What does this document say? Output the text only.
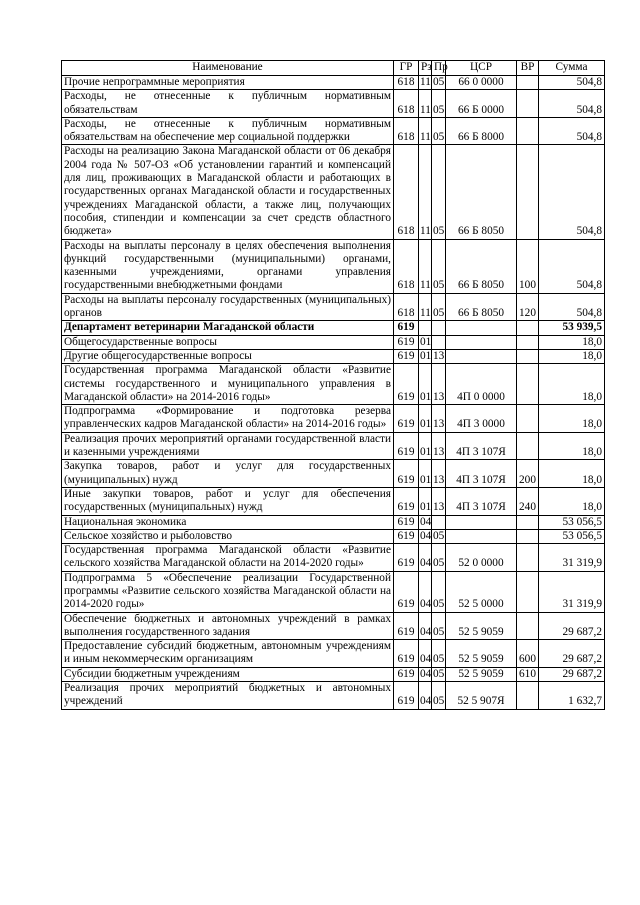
Наименование	ГР	Рз	Пр	ЦСР	ВР	Сумма
Прочие непрограммные мероприятия	618	11	05	66 0 0000		504,8
Расходы, не отнесенные к публичным нормативным обязательствам	618	11	05	66 Б 0000		504,8
Расходы, не отнесенные к публичным нормативным обязательствам на обеспечение мер социальной поддержки	618	11	05	66 Б 8000		504,8
Расходы на реализацию Закона Магаданской области от 06 декабря 2004 года № 507-ОЗ «Об установлении гарантий и компенсаций для лиц, проживающих в Магаданской области и работающих в государственных органах Магаданской области и государственных учреждениях Магаданской области, а также лиц, получающих пособия, стипендии и компенсации за счет средств областного бюджета»	618	11	05	66 Б 8050		504,8
Расходы на выплаты персоналу в целях обеспечения выполнения функций государственными (муниципальными) органами, казенными учреждениями, органами управления государственными внебюджетными фондами	618	11	05	66 Б 8050	100	504,8
Расходы на выплаты персоналу государственных (муниципальных) органов	618	11	05	66 Б 8050	120	504,8
Департамент ветеринарии Магаданской области	619					53 939,5
Общегосударственные вопросы	619	01				18,0
Другие общегосударственные вопросы	619	01	13			18,0
Государственная программа Магаданской области «Развитие системы государственного и муниципального управления в Магаданской области» на 2014-2016 годы»	619	01	13	4П 0 0000		18,0
Подпрограмма «Формирование и подготовка резерва управленческих кадров Магаданской области» на 2014-2016 годы»	619	01	13	4П 3 0000		18,0
Реализация прочих мероприятий органами государственной власти и казенными учреждениями	619	01	13	4П 3 107Я		18,0
Закупка товаров, работ и услуг для государственных (муниципальных) нужд	619	01	13	4П 3 107Я	200	18,0
Иные закупки товаров, работ и услуг для обеспечения государственных (муниципальных) нужд	619	01	13	4П 3 107Я	240	18,0
Национальная экономика	619	04				53 056,5
Сельское хозяйство и рыболовство	619	04	05			53 056,5
Государственная программа Магаданской области «Развитие сельского хозяйства Магаданской области на 2014-2020 годы»	619	04	05	52 0 0000		31 319,9
Подпрограмма 5 «Обеспечение реализации Государственной программы «Развитие сельского хозяйства Магаданской области на 2014-2020 годы»	619	04	05	52 5 0000		31 319,9
Обеспечение бюджетных и автономных учреждений в рамках выполнения государственного задания	619	04	05	52 5 9059		29 687,2
Предоставление субсидий бюджетным, автономным учреждениям и иным некоммерческим организациям	619	04	05	52 5 9059	600	29 687,2
Субсидии бюджетным учреждениям	619	04	05	52 5 9059	610	29 687,2
Реализация прочих мероприятий бюджетных и автономных учреждений	619	04	05	52 5 907Я		1 632,7
